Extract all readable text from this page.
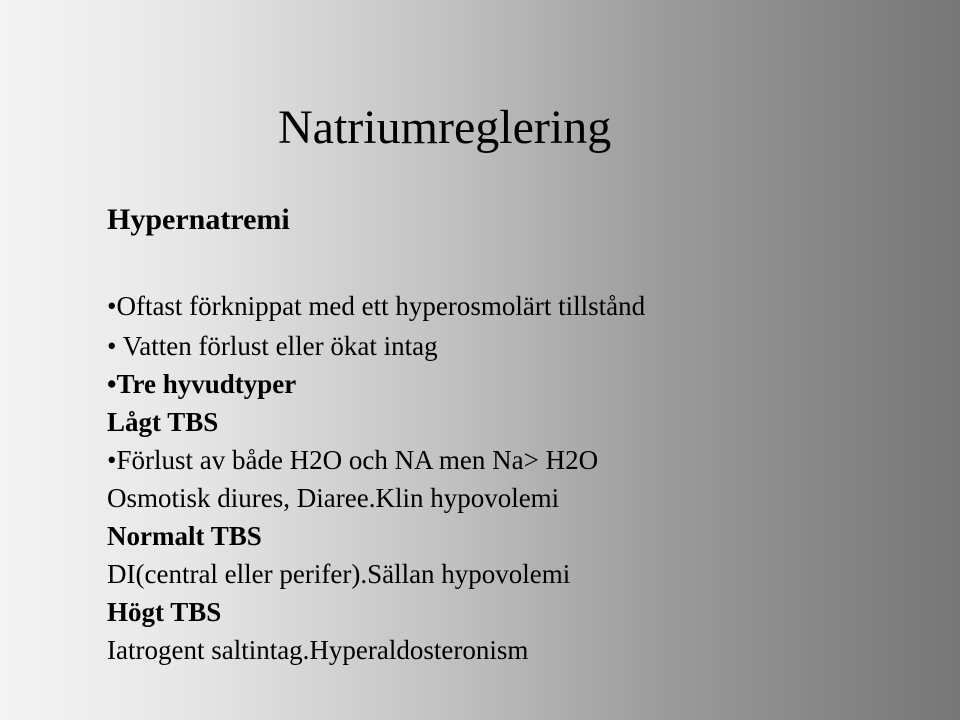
Natriumreglering
Hypernatremi
•Oftast förknippat med ett hyperosmolärt tillstånd
• Vatten förlust eller ökat intag
•Tre hyvudtyper
Lågt TBS
•Förlust av både H2O och NA men Na> H2O
Osmotisk diures, Diaree.Klin hypovolemi
Normalt TBS
DI(central eller perifer).Sällan hypovolemi
Högt TBS
Iatrogent saltintag.Hyperaldosteronism
